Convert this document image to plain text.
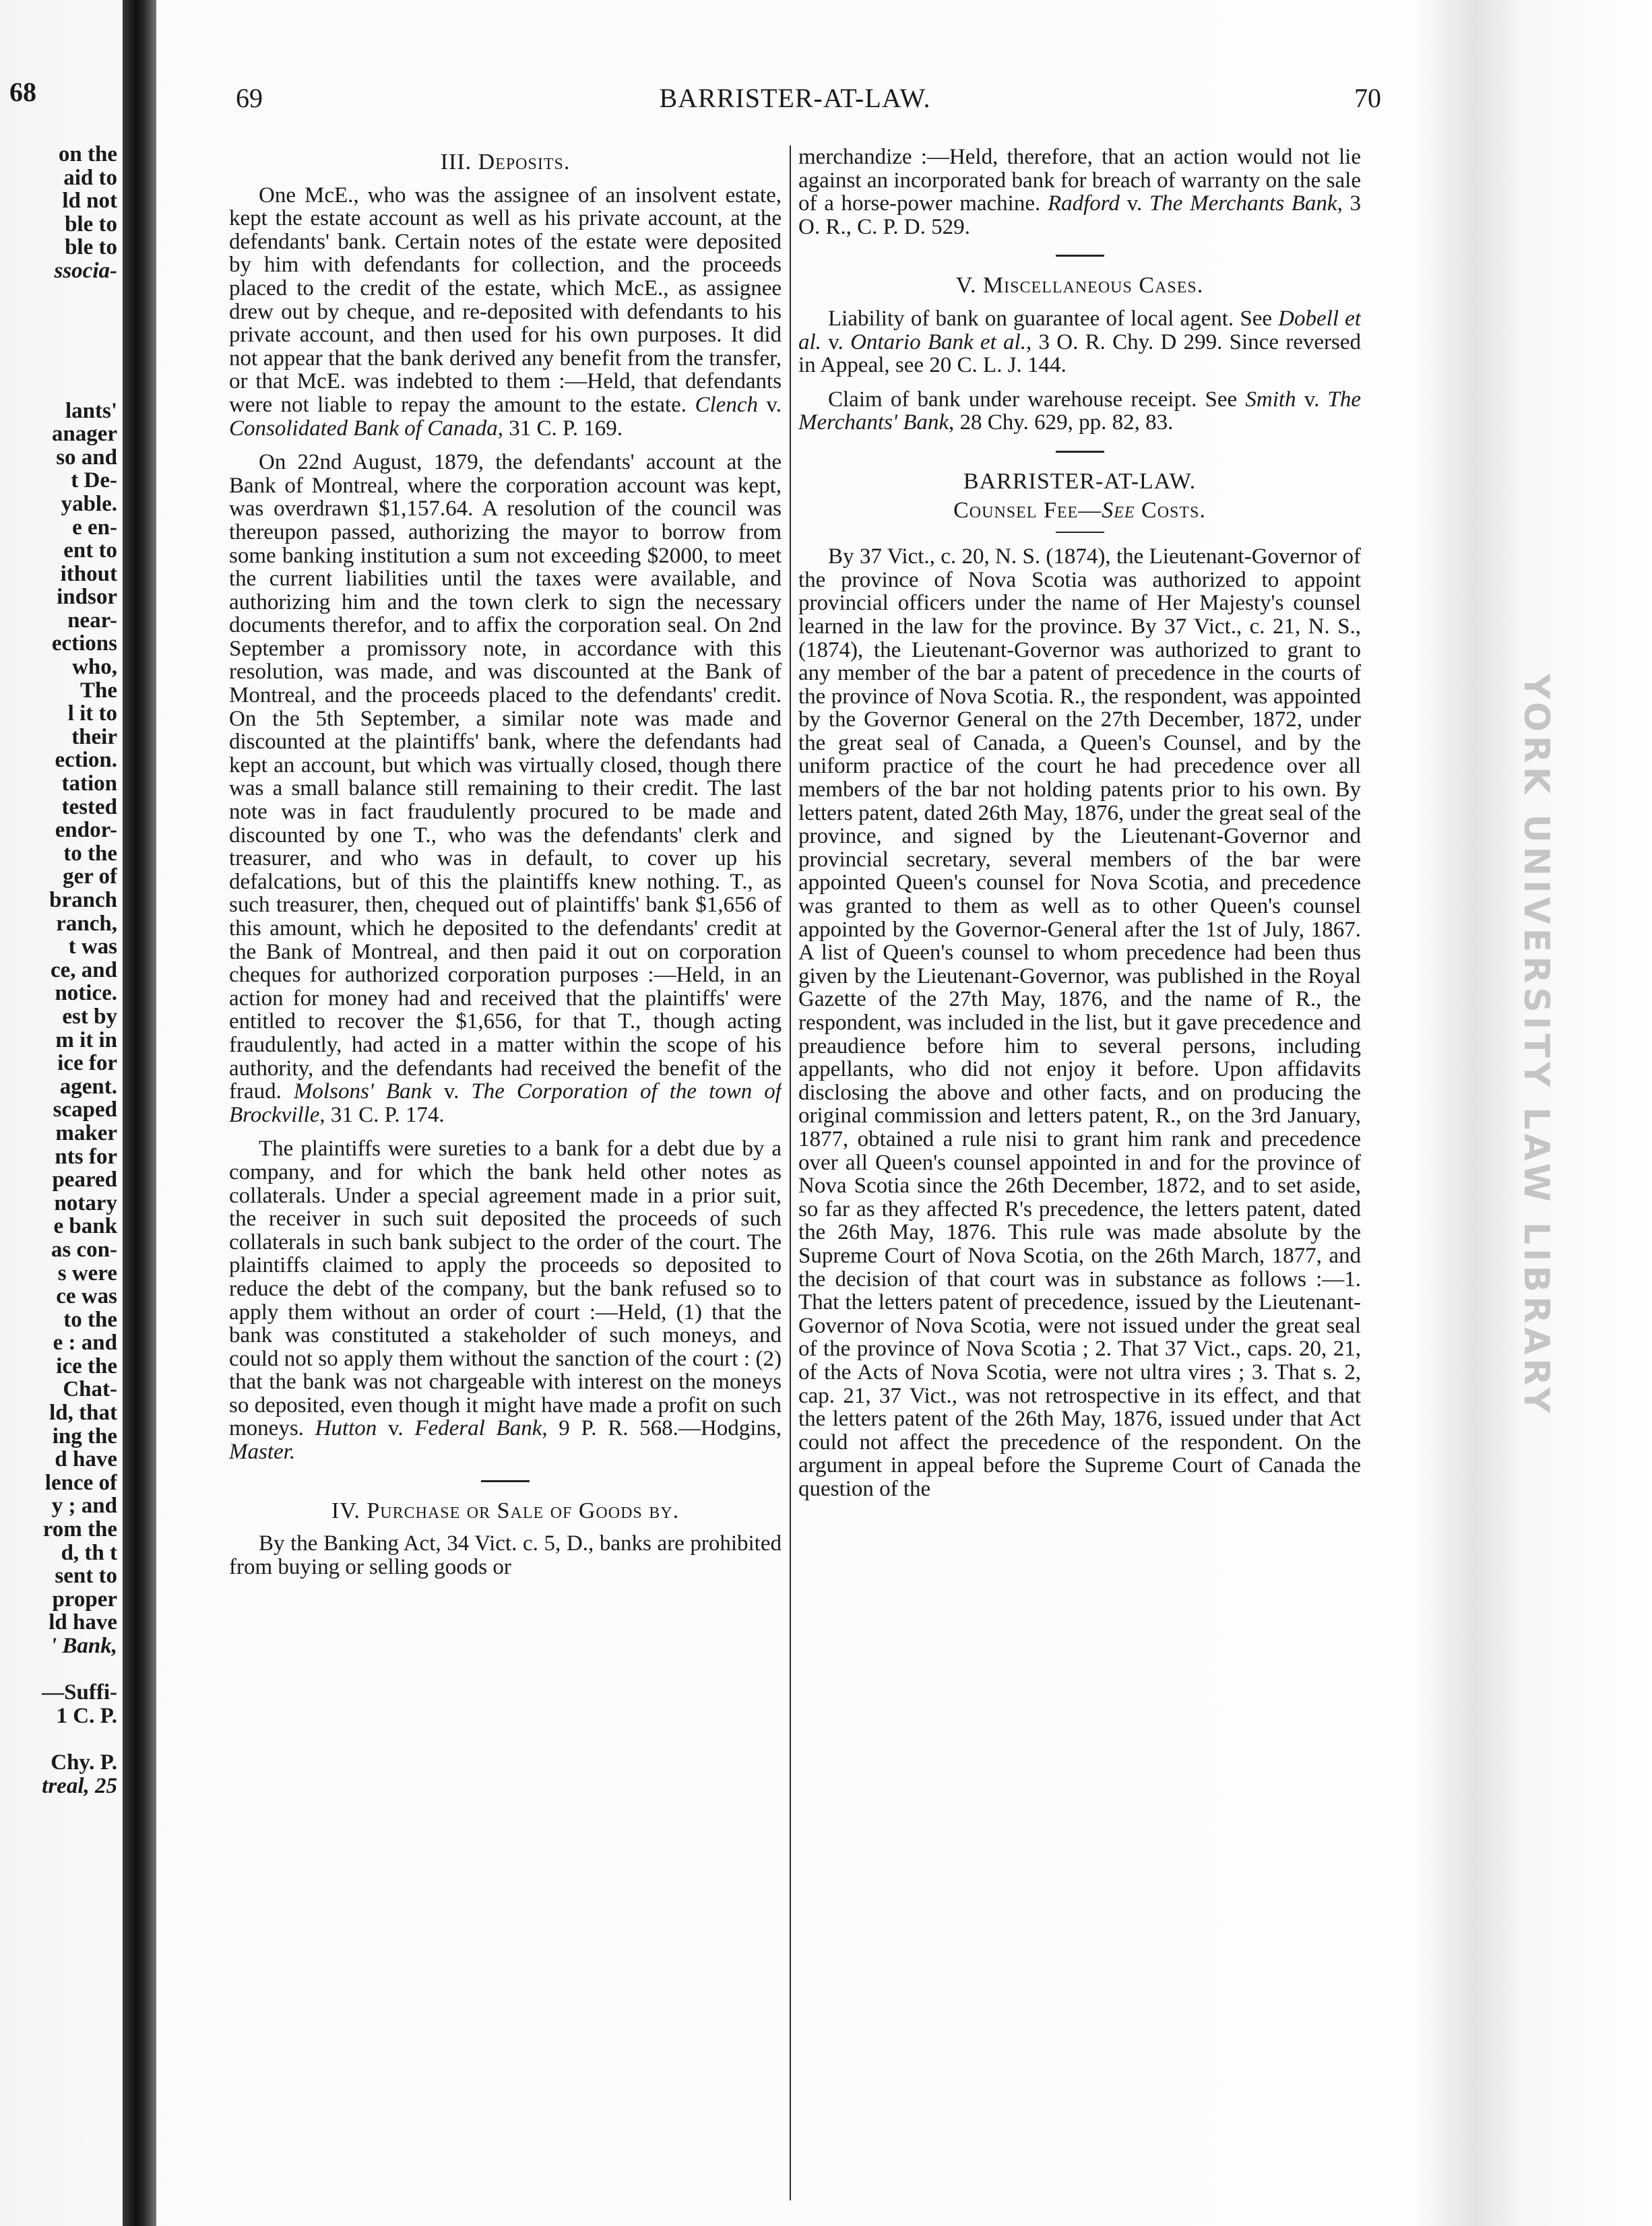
68
on the
aid to
ld not
ble to
ble to
ssocia-

lants'
anager
so and
t De-
yable.
e en-
ent to
ithout
indsor
near-
ections
who,
The
l it to
their
ection.
tation
tested
endor-
to the
ger of
branch
ranch,
t was
ce, and
notice.
est by
m it in
ice for
agent.
scaped
maker
nts for
peared
notary
e bank
as con-
s were
ce was
to the
e : and
ice the
Chat-
ld, that
ing the
d have
lence of
y ; and
rom the
d, th t
sent to
proper
ld have
' Bank,

—Suffi-
1 C. P.

Chy. P.
treal, 25
69	BARRISTER-AT-LAW.	70
III. Deposits.

One McE., who was the assignee of an insolvent estate, kept the estate account as well as his private account, at the defendants' bank. Certain notes of the estate were deposited by him with defendants for collection, and the proceeds placed to the credit of the estate, which McE., as assignee drew out by cheque, and re-deposited with defendants to his private account, and then used for his own purposes. It did not appear that the bank derived any benefit from the transfer, or that McE. was indebted to them :—Held, that defendants were not liable to repay the amount to the estate. Clench v. Consolidated Bank of Canada, 31 C. P. 169.

On 22nd August, 1879, the defendants' account at the Bank of Montreal, where the corporation account was kept, was overdrawn $1,157.64. A resolution of the council was thereupon passed, authorizing the mayor to borrow from some banking institution a sum not exceeding $2000, to meet the current liabilities until the taxes were available, and authorizing him and the town clerk to sign the necessary documents therefor, and to affix the corporation seal. On 2nd September a promissory note, in accordance with this resolution, was made, and was discounted at the Bank of Montreal, and the proceeds placed to the defendants' credit. On the 5th September, a similar note was made and discounted at the plaintiffs' bank, where the defendants had kept an account, but which was virtually closed, though there was a small balance still remaining to their credit. The last note was in fact fraudulently procured to be made and discounted by one T., who was the defendants' clerk and treasurer, and who was in default, to cover up his defalcations, but of this the plaintiffs knew nothing. T., as such treasurer, then, chequed out of plaintiffs' bank $1,656 of this amount, which he deposited to the defendants' credit at the Bank of Montreal, and then paid it out on corporation cheques for authorized corporation purposes :—Held, in an action for money had and received that the plaintiffs' were entitled to recover the $1,656, for that T., though acting fraudulently, had acted in a matter within the scope of his authority, and the defendants had received the benefit of the fraud. Molsons' Bank v. The Corporation of the town of Brockville, 31 C. P. 174.

The plaintiffs were sureties to a bank for a debt due by a company, and for which the bank held other notes as collaterals. Under a special agreement made in a prior suit, the receiver in such suit deposited the proceeds of such collaterals in such bank subject to the order of the court. The plaintiffs claimed to apply the proceeds so deposited to reduce the debt of the company, but the bank refused so to apply them without an order of court :—Held, (1) that the bank was constituted a stakeholder of such moneys, and could not so apply them without the sanction of the court : (2) that the bank was not chargeable with interest on the moneys so deposited, even though it might have made a profit on such moneys. Hutton v. Federal Bank, 9 P. R. 568.—Hodgins, Master.

IV. Purchase or Sale of Goods by.

By the Banking Act, 34 Vict. c. 5, D., banks are prohibited from buying or selling goods or

merchandize :—Held, therefore, that an action would not lie against an incorporated bank for breach of warranty on the sale of a horse-power machine. Radford v. The Merchants Bank, 3 O. R., C. P. D. 529.

V. Miscellaneous Cases.

Liability of bank on guarantee of local agent. See Dobell et al. v. Ontario Bank et al., 3 O. R. Chy. D 299. Since reversed in Appeal, see 20 C. L. J. 144.

Claim of bank under warehouse receipt. See Smith v. The Merchants' Bank, 28 Chy. 629, pp. 82, 83.

BARRISTER-AT-LAW.
Counsel Fee—See Costs.

By 37 Vict., c. 20, N. S. (1874), the Lieutenant-Governor of the province of Nova Scotia was authorized to appoint provincial officers under the name of Her Majesty's counsel learned in the law for the province. By 37 Vict., c. 21, N. S., (1874), the Lieutenant-Governor was authorized to grant to any member of the bar a patent of precedence in the courts of the province of Nova Scotia. R., the respondent, was appointed by the Governor General on the 27th December, 1872, under the great seal of Canada, a Queen's Counsel, and by the uniform practice of the court he had precedence over all members of the bar not holding patents prior to his own. By letters patent, dated 26th May, 1876, under the great seal of the province, and signed by the Lieutenant-Governor and provincial secretary, several members of the bar were appointed Queen's counsel for Nova Scotia, and precedence was granted to them as well as to other Queen's counsel appointed by the Governor-General after the 1st of July, 1867. A list of Queen's counsel to whom precedence had been thus given by the Lieutenant-Governor, was published in the Royal Gazette of the 27th May, 1876, and the name of R., the respondent, was included in the list, but it gave precedence and preaudience before him to several persons, including appellants, who did not enjoy it before. Upon affidavits disclosing the above and other facts, and on producing the original commission and letters patent, R., on the 3rd January, 1877, obtained a rule nisi to grant him rank and precedence over all Queen's counsel appointed in and for the province of Nova Scotia since the 26th December, 1872, and to set aside, so far as they affected R's precedence, the letters patent, dated the 26th May, 1876. This rule was made absolute by the Supreme Court of Nova Scotia, on the 26th March, 1877, and the decision of that court was in substance as follows :—1. That the letters patent of precedence, issued by the Lieutenant-Governor of Nova Scotia, were not issued under the great seal of the province of Nova Scotia ; 2. That 37 Vict., caps. 20, 21, of the Acts of Nova Scotia, were not ultra vires ; 3. That s. 2, cap. 21, 37 Vict., was not retrospective in its effect, and that the letters patent of the 26th May, 1876, issued under that Act could not affect the precedence of the respondent. On the argument in appeal before the Supreme Court of Canada the question of the

YORK UNIVERSITY LAW LIBRARY
